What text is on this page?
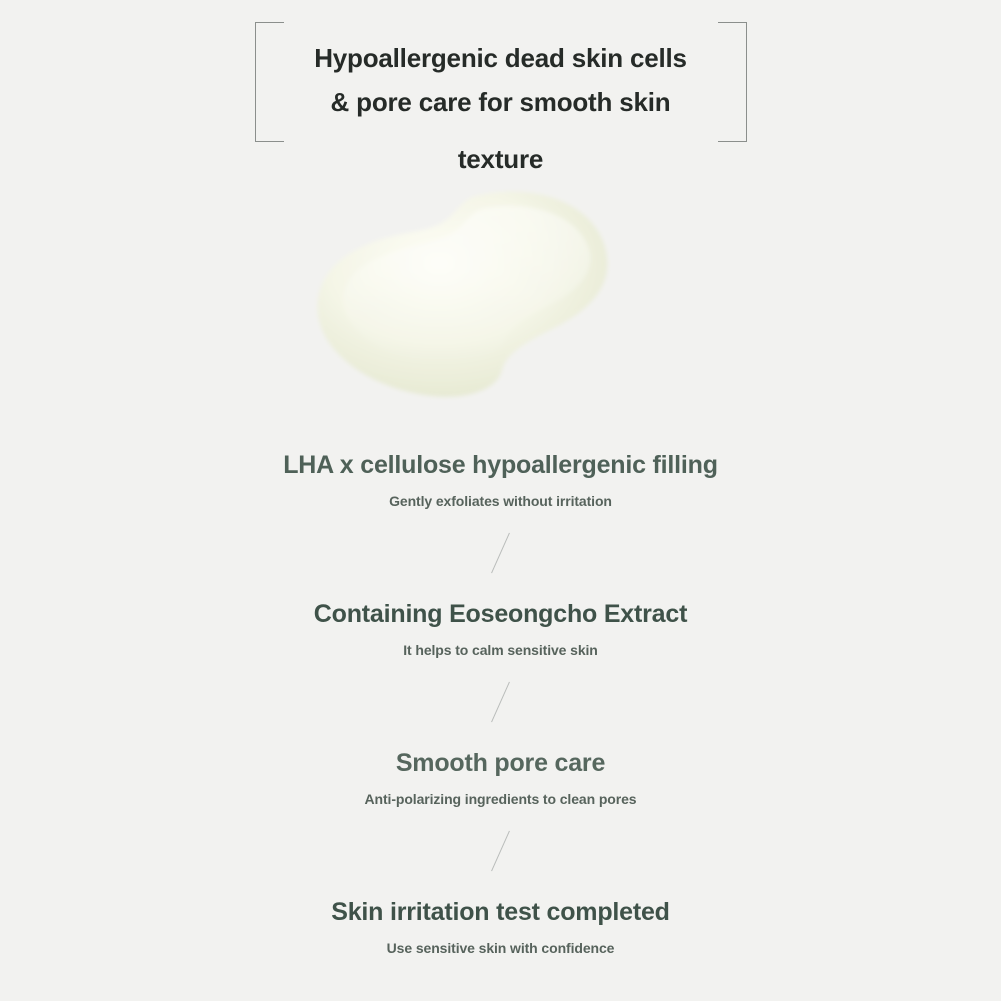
Hypoallergenic dead skin cells
& pore care for smooth skin
texture
LHA x cellulose hypoallergenic filling
Gently exfoliates without irritation
Containing Eoseongcho Extract
It helps to calm sensitive skin
Smooth pore care
Anti-polarizing ingredients to clean pores
Skin irritation test completed
Use sensitive skin with confidence
